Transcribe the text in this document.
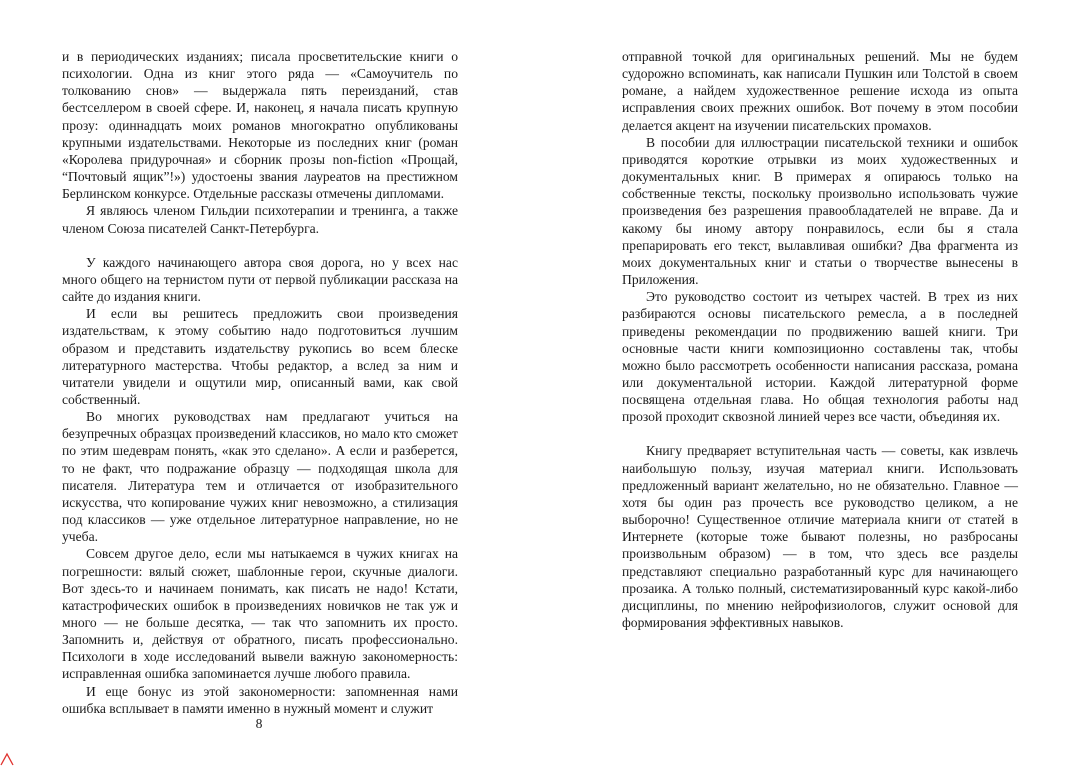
и в периодических изданиях; писала просветительские книги о психологии. Одна из книг этого ряда — «Самоучитель по толкованию снов» — выдержала пять переизданий, став бестселлером в своей сфере. И, наконец, я начала писать крупную прозу: одиннадцать моих романов многократно опубликованы крупными издательствами. Некоторые из последних книг (роман «Королева придурочная» и сборник прозы non-fiction «Прощай, “Почтовый ящик”!») удостоены звания лауреатов на престижном Берлинском конкурсе. Отдельные рассказы отмечены дипломами.

Я являюсь членом Гильдии психотерапии и тренинга, а также членом Союза писателей Санкт-Петербурга.

У каждого начинающего автора своя дорога, но у всех нас много общего на тернистом пути от первой публикации рассказа на сайте до издания книги.

И если вы решитесь предложить свои произведения издательствам, к этому событию надо подготовиться лучшим образом и представить издательству рукопись во всем блеске литературного мастерства. Чтобы редактор, а вслед за ним и читатели увидели и ощутили мир, описанный вами, как свой собственный.

Во многих руководствах нам предлагают учиться на безупречных образцах произведений классиков, но мало кто сможет по этим шедеврам понять, «как это сделано». А если и разберется, то не факт, что подражание образцу — подходящая школа для писателя. Литература тем и отличается от изобразительного искусства, что копирование чужих книг невозможно, а стилизация под классиков — уже отдельное литературное направление, но не учеба.

Совсем другое дело, если мы натыкаемся в чужих книгах на погрешности: вялый сюжет, шаблонные герои, скучные диалоги. Вот здесь-то и начинаем понимать, как писать не надо! Кстати, катастрофических ошибок в произведениях новичков не так уж и много — не больше десятка, — так что запомнить их просто. Запомнить и, действуя от обратного, писать профессионально. Психологи в ходе исследований вывели важную закономерность: исправленная ошибка запоминается лучше любого правила.

И еще бонус из этой закономерности: запомненная нами ошибка всплывает в памяти именно в нужный момент и служит

8

отправной точкой для оригинальных решений. Мы не будем судорожно вспоминать, как написали Пушкин или Толстой в своем романе, а найдем художественное решение исхода из опыта исправления своих прежних ошибок. Вот почему в этом пособии делается акцент на изучении писательских промахов.

В пособии для иллюстрации писательской техники и ошибок приводятся короткие отрывки из моих художественных и документальных книг. В примерах я опираюсь только на собственные тексты, поскольку произвольно использовать чужие произведения без разрешения правообладателей не вправе. Да и какому бы иному автору понравилось, если бы я стала препарировать его текст, вылавливая ошибки? Два фрагмента из моих документальных книг и статьи о творчестве вынесены в Приложения.

Это руководство состоит из четырех частей. В трех из них разбираются основы писательского ремесла, а в последней приведены рекомендации по продвижению вашей книги. Три основные части книги композиционно составлены так, чтобы можно было рассмотреть особенности написания рассказа, романа или документальной истории. Каждой литературной форме посвящена отдельная глава. Но общая технология работы над прозой проходит сквозной линией через все части, объединяя их.

Книгу предваряет вступительная часть — советы, как извлечь наибольшую пользу, изучая материал книги. Использовать предложенный вариант желательно, но не обязательно. Главное — хотя бы один раз прочесть все руководство целиком, а не выборочно! Существенное отличие материала книги от статей в Интернете (которые тоже бывают полезны, но разбросаны произвольным образом) — в том, что здесь все разделы представляют специально разработанный курс для начинающего прозаика. А только полный, систематизированный курс какой-либо дисциплины, по мнению нейрофизиологов, служит основой для формирования эффективных навыков.
